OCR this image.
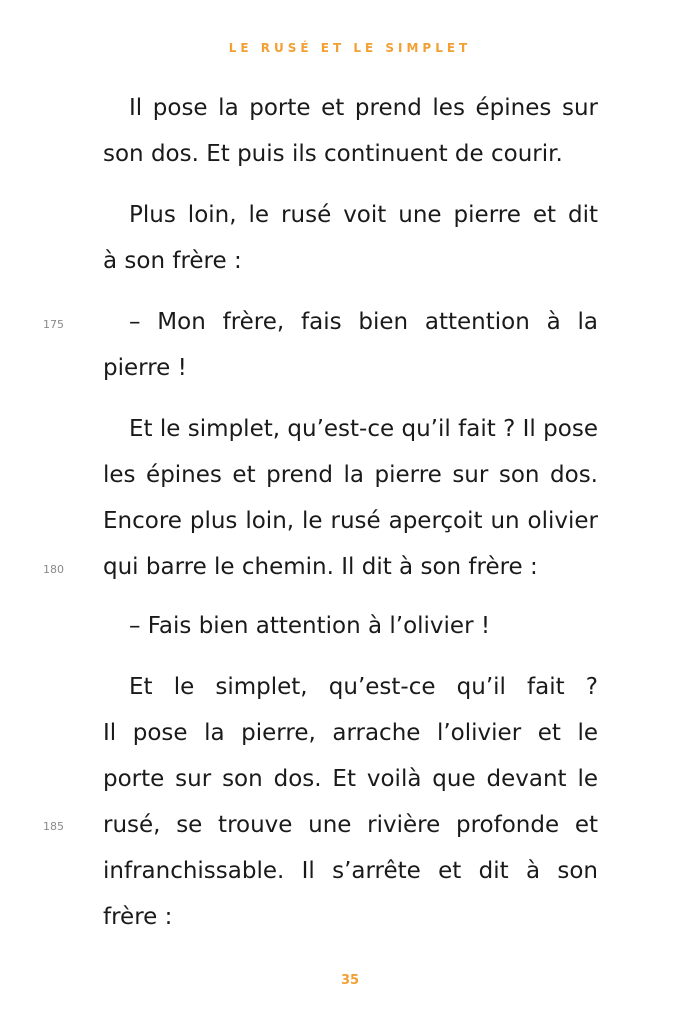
LE RUSÉ ET LE SIMPLET
Il pose la porte et prend les épines sur
son dos. Et puis ils continuent de courir.
Plus loin, le rusé voit une pierre et dit
à son frère :
– Mon frère, fais bien attention à la
pierre !
Et le simplet, qu’est-ce qu’il fait ? Il pose
les épines et prend la pierre sur son dos.
Encore plus loin, le rusé aperçoit un olivier
qui barre le chemin. Il dit à son frère :
– Fais bien attention à l’olivier !
Et le simplet, qu’est-ce qu’il fait ?
Il pose la pierre, arrache l’olivier et le
porte sur son dos. Et voilà que devant le
rusé, se trouve une rivière profonde et
infranchissable. Il s’arrête et dit à son
frère :
175
180
185
35
